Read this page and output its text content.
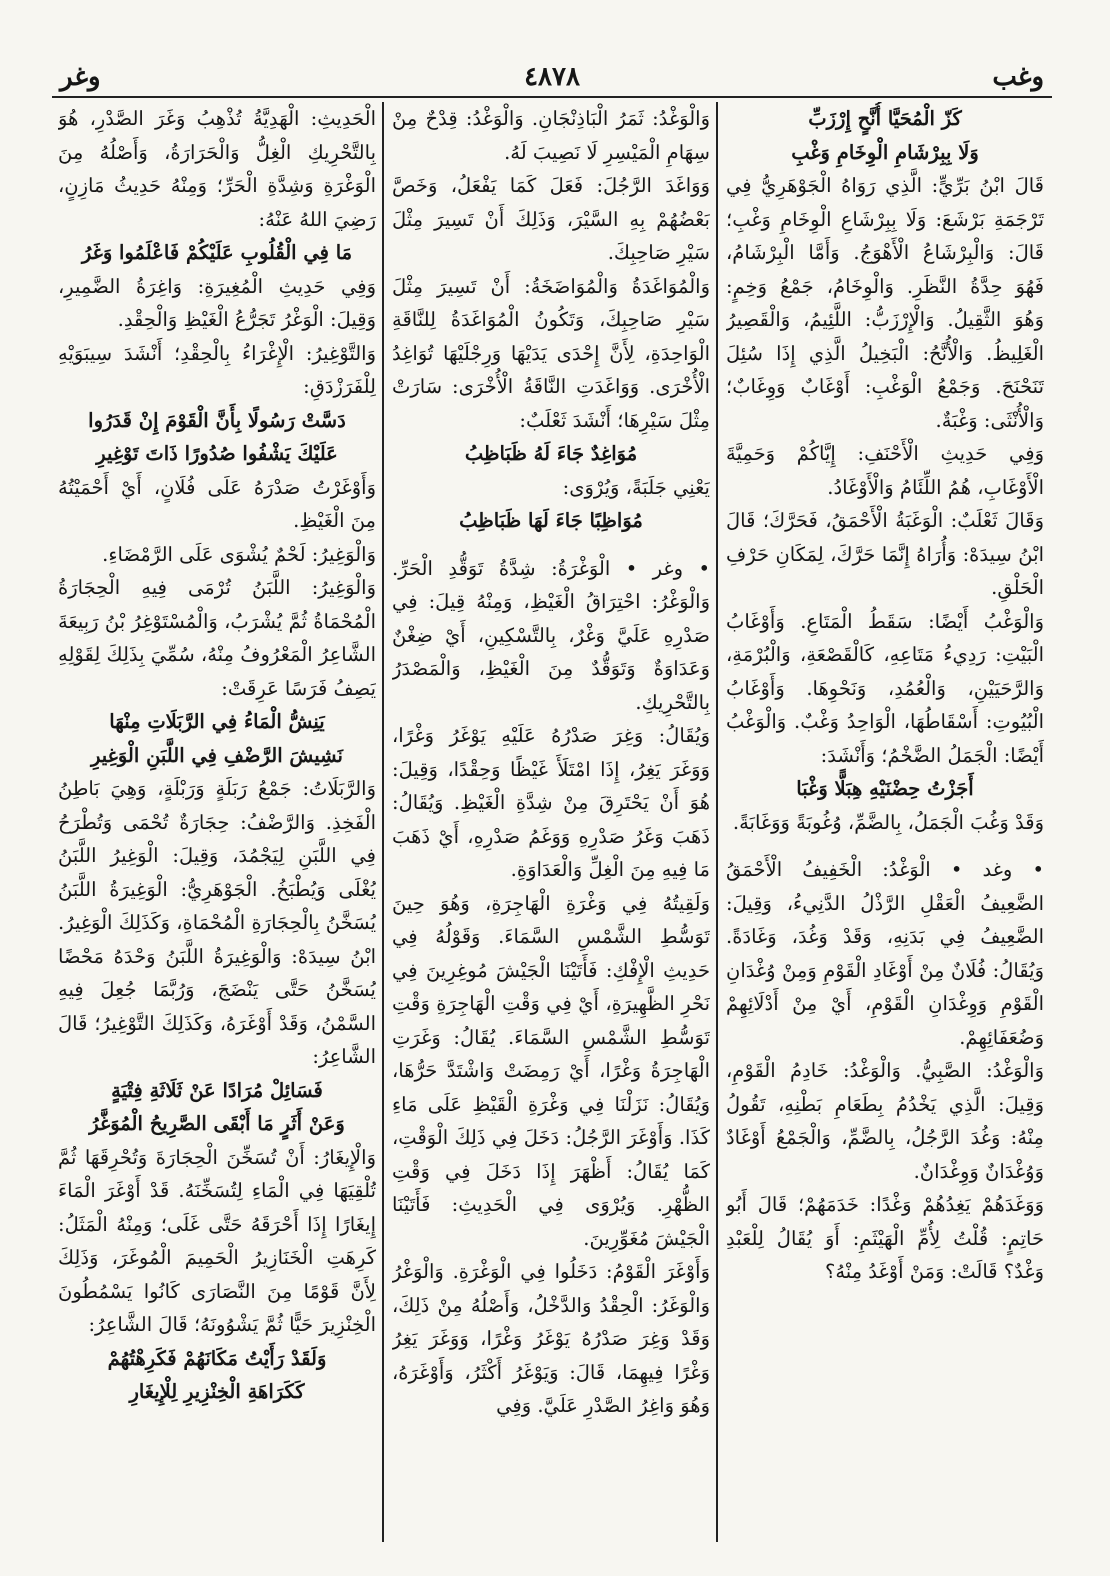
وغب
٤٨٧٨
وغر

كَزّ الْمُحَيَّا أُنَّحٍ إِرْزَبِّ

وَلَا بِبِرْشَامِ الْوِخَامِ وَغْبِ

قَالَ ابْنُ بَرِّيٍّ: الَّذِي رَوَاهُ الْجَوْهَرِيُّ فِي تَرْجَمَةِ بَرْشَعَ: وَلَا بِبِرْشَاعِ الْوِخَامِ وَغْبِ؛ قَالَ: وَالْبِرْشَاعُ الْأَهْوَجُ. وَأَمَّا الْبِرْشَامُ، فَهُوَ حِدَّةُ النَّظَرِ. وَالْوِخَامُ، جَمْعُ وَخِمٍ: وَهُوَ الثَّقِيلُ. وَالْإِرْزَبُّ: اللَّئِيمُ، وَالْقَصِيرُ الْغَلِيظُ. وَالْأُنَّحُ: الْبَخِيلُ الَّذِي إِذَا سُئِلَ تَنَحْنَحَ. وَجَمْعُ الْوَغْبِ: أَوْغَابٌ وَوِغَابٌ؛ وَالْأُنْثَى: وَغْبَةٌ.

وَفِي حَدِيثِ الْأَحْنَفِ: إِيَّاكُمْ وَحَمِيَّةَ الْأَوْغَابِ، هُمُ اللِّئَامُ وَالْأَوْغَادُ.

وَقَالَ ثَعْلَبٌ: الْوَغَبَةُ الْأَحْمَقُ، فَحَرَّكَ؛ قَالَ ابْنُ سِيدَهْ: وَأُرَاهُ إِنَّمَا حَرَّكَ، لِمَكَانِ حَرْفِ الْحَلْقِ.

وَالْوَغْبُ أَيْضًا: سَقَطُ الْمَتَاعِ. وَأَوْغَابُ الْبَيْتِ: رَدِيءُ مَتَاعِهِ، كَالْقَصْعَةِ، وَالْبُرْمَةِ، وَالرَّحَيَيْنِ، وَالْعُمُدِ، وَنَحْوِهَا. وَأَوْغَابُ الْبُيُوتِ: أَسْقَاطُهَا، الْوَاحِدُ وَغْبٌ. وَالْوَغْبُ أَيْضًا: الْجَمَلُ الضَّخْمُ؛ وَأَنْشَدَ:

أَجَزْتُ حِضْنَيْهِ هِبَلًّا وَغْبَا

وَقَدْ وَغُبَ الْجَمَلُ، بِالضَّمِّ، وُغُوبَةً وَوَغَابَةً.

• وغد • الْوَغْدُ: الْخَفِيفُ الْأَحْمَقُ الضَّعِيفُ الْعَقْلِ الرَّذْلُ الدَّنِيءُ، وَقِيلَ: الضَّعِيفُ فِي بَدَنِهِ، وَقَدْ وَغُدَ، وَغَادَةً. وَيُقَالُ: فُلَانٌ مِنْ أَوْغَادِ الْقَوْمِ وَمِنْ وُغْدَانِ الْقَوْمِ وَوِغْدَانِ الْقَوْمِ، أَيْ مِنْ أَدْلَائِهِمْ وَضُعَفَائِهِمْ.

وَالْوَغْدُ: الصَّبِيُّ. وَالْوَغْدُ: خَادِمُ الْقَوْمِ، وَقِيلَ: الَّذِي يَخْدُمُ بِطَعَامِ بَطْنِهِ، تَقُولُ مِنْهُ: وَغُدَ الرَّجُلُ، بِالضَّمِّ، وَالْجَمْعُ أَوْغَادٌ وَوُغْدَانٌ وَوِغْدَانٌ.

وَوَغَدَهُمْ يَغِدُهُمْ وَغْدًا: خَدَمَهُمْ؛ قَالَ أَبُو حَاتِمٍ: قُلْتُ لِأُمِّ الْهَيْثَمِ: أَوَ يُقَالُ لِلْعَبْدِ وَغْدٌ؟ قَالَتْ: وَمَنْ أَوْغَدُ مِنْهُ؟

وَالْوَغْدُ: ثَمَرُ الْبَاذِنْجَانِ. وَالْوَغْدُ: قِدْحٌ مِنْ سِهَامِ الْمَيْسِرِ لَا نَصِيبَ لَهُ.

وَوَاغَدَ الرَّجُلَ: فَعَلَ كَمَا يَفْعَلُ، وَخَصَّ بَعْضُهُمْ بِهِ السَّيْرَ، وَذَلِكَ أَنْ تَسِيرَ مِثْلَ سَيْرِ صَاحِبِكَ.

وَالْمُوَاغَدَةُ وَالْمُوَاضَخَةُ: أَنْ تَسِيرَ مِثْلَ سَيْرِ صَاحِبِكَ، وَتَكُونُ الْمُوَاغَدَةُ لِلنَّاقَةِ الْوَاحِدَةِ، لِأَنَّ إِحْدَى يَدَيْهَا وَرِجْلَيْهَا تُوَاغِدُ الْأُخْرَى. وَوَاغَدَتِ النَّاقَةُ الْأُخْرَى: سَارَتْ مِثْلَ سَيْرِهَا؛ أَنْشَدَ ثَعْلَبٌ:

مُوَاغِدٌ جَاءَ لَهُ ظَبَاظِبُ

يَعْنِي جَلَبَةً، وَيُرْوَى:

مُوَاظِبًا جَاءَ لَهَا ظَبَاظِبُ

• وغر • الْوَغْرَةُ: شِدَّةُ تَوَقُّدِ الْحَرِّ. وَالْوَغْرُ: احْتِرَاقُ الْغَيْظِ، وَمِنْهُ قِيلَ: فِي صَدْرِهِ عَلَيَّ وَغْرٌ، بِالتَّسْكِينِ، أَيْ ضِغْنٌ وَعَدَاوَةٌ وَتَوَقُّدٌ مِنَ الْغَيْظِ، وَالْمَصْدَرُ بِالتَّحْرِيكِ.

وَيُقَالُ: وَغِرَ صَدْرُهُ عَلَيْهِ يَوْغَرُ وَغْرًا، وَوَغَرَ يَغِرُ، إِذَا امْتَلَأَ غَيْظًا وَحِقْدًا، وَقِيلَ: هُوَ أَنْ يَحْتَرِقَ مِنْ شِدَّةِ الْغَيْظِ. وَيُقَالُ: ذَهَبَ وَغَرُ صَدْرِهِ وَوَغَمُ صَدْرِهِ، أَيْ ذَهَبَ مَا فِيهِ مِنَ الْغِلِّ وَالْعَدَاوَةِ.

وَلَقِيتُهُ فِي وَغْرَةِ الْهَاجِرَةِ، وَهُوَ حِينَ تَوَسُّطِ الشَّمْسِ السَّمَاءَ. وَقَوْلُهُ فِي حَدِيثِ الْإِفْكِ: فَأَتَيْنَا الْجَيْشَ مُوغِرِينَ فِي نَحْرِ الظَّهِيرَةِ، أَيْ فِي وَقْتِ الْهَاجِرَةِ وَقْتِ تَوَسُّطِ الشَّمْسِ السَّمَاءَ. يُقَالُ: وَغَرَتِ الْهَاجِرَةُ وَغْرًا، أَيْ رَمِضَتْ وَاشْتَدَّ حَرُّهَا، وَيُقَالُ: نَزَلْنَا فِي وَغْرَةِ الْقَيْظِ عَلَى مَاءِ كَذَا. وَأَوْغَرَ الرَّجُلُ: دَخَلَ فِي ذَلِكَ الْوَقْتِ، كَمَا يُقَالُ: أَظْهَرَ إِذَا دَخَلَ فِي وَقْتِ الظُّهْرِ. وَيُرْوَى فِي الْحَدِيثِ: فَأَتَيْنَا الْجَيْشَ مُغَوِّرِينَ.

وَأَوْغَرَ الْقَوْمُ: دَخَلُوا فِي الْوَغْرَةِ. وَالْوَغْرُ وَالْوَغَرُ: الْحِقْدُ وَالدَّخْلُ، وَأَصْلُهُ مِنْ ذَلِكَ، وَقَدْ وَغِرَ صَدْرُهُ يَوْغَرُ وَغْرًا، وَوَغَرَ يَغِرُ وَغْرًا فِيهِمَا، قَالَ: وَيَوْغَرُ أَكْثَرُ، وَأَوْغَرَهُ، وَهُوَ وَاغِرُ الصَّدْرِ عَلَيَّ. وَفِي

الْحَدِيثِ: الْهَدِيَّةُ تُذْهِبُ وَغَرَ الصَّدْرِ، هُوَ بِالتَّحْرِيكِ الْغِلُّ وَالْحَرَارَةُ، وَأَصْلُهُ مِنَ الْوَغْرَةِ وَشِدَّةِ الْحَرِّ؛ وَمِنْهُ حَدِيثُ مَازِنٍ، رَضِيَ اللهُ عَنْهُ:

مَا فِي الْقُلُوبِ عَلَيْكُمْ فَاعْلَمُوا وَغَرُ

وَفِي حَدِيثِ الْمُغِيرَةِ: وَاغِرَةُ الضَّمِيرِ، وَقِيلَ: الْوَغْرُ تَجَرُّعُ الْغَيْظِ وَالْحِقْدِ.

وَالتَّوْغِيرُ: الْإِغْرَاءُ بِالْحِقْدِ؛ أَنْشَدَ سِيبَوَيْهِ لِلْفَرَزْدَقِ:

دَسَّتْ رَسُولًا بِأَنَّ الْقَوْمَ إِنْ قَدَرُوا

عَلَيْكَ يَشْفُوا صُدُورًا ذَاتَ تَوْغِيرِ

وَأَوْغَرْتُ صَدْرَهُ عَلَى فُلَانٍ، أَيْ أَحْمَيْتُهُ مِنَ الْغَيْظِ.

وَالْوَغِيرُ: لَحْمٌ يُشْوَى عَلَى الرَّمْضَاءِ.

وَالْوَغِيرُ: اللَّبَنُ تُرْمَى فِيهِ الْحِجَارَةُ الْمُحْمَاةُ ثُمَّ يُشْرَبُ، وَالْمُسْتَوْغِرُ بْنُ رَبِيعَةَ الشَّاعِرُ الْمَعْرُوفُ مِنْهُ، سُمِّيَ بِذَلِكَ لِقَوْلِهِ يَصِفُ فَرَسًا عَرِقَتْ:

يَنِشُّ الْمَاءُ فِي الرَّبَلَاتِ مِنْهَا

نَشِيشَ الرَّضْفِ فِي اللَّبَنِ الْوَغِيرِ

وَالرَّبَلَاتُ: جَمْعُ رَبَلَةٍ وَرَبْلَةٍ، وَهِيَ بَاطِنُ الْفَخِذِ. وَالرَّضْفُ: حِجَارَةٌ تُحْمَى وَتُطْرَحُ فِي اللَّبَنِ لِيَجْمُدَ، وَقِيلَ: الْوَغِيرُ اللَّبَنُ يُغْلَى وَيُطْبَخُ. الْجَوْهَرِيُّ: الْوَغِيرَةُ اللَّبَنُ يُسَخَّنُ بِالْحِجَارَةِ الْمُحْمَاةِ، وَكَذَلِكَ الْوَغِيرُ. ابْنُ سِيدَهْ: وَالْوَغِيرَةُ اللَّبَنُ وَحْدَهُ مَحْضًا يُسَخَّنُ حَتَّى يَنْضَجَ، وَرُبَّمَا جُعِلَ فِيهِ السَّمْنُ، وَقَدْ أَوْغَرَهُ، وَكَذَلِكَ التَّوْغِيرُ؛ قَالَ الشَّاعِرُ:

فَسَائِلْ مُرَادًا عَنْ ثَلَاثَةِ فِتْيَةٍ

وَعَنْ أَثَرٍ مَا أَبْقَى الصَّرِيحُ الْمُوَغَّرُ

وَالْإِيغَارُ: أَنْ تُسَخِّنَ الْحِجَارَةَ وَتُحْرِقَهَا ثُمَّ تُلْقِيَهَا فِي الْمَاءِ لِتُسَخِّنَهُ. قَدْ أَوْغَرَ الْمَاءَ إِيغَارًا إِذَا أَحْرَقَهُ حَتَّى غَلَى؛ وَمِنْهُ الْمَثَلُ: كَرِهَتِ الْخَنَازِيرُ الْحَمِيمَ الْمُوغَرَ، وَذَلِكَ لِأَنَّ قَوْمًا مِنَ النَّصَارَى كَانُوا يَسْمُطُونَ الْخِنْزِيرَ حَيًّا ثُمَّ يَشْوُونَهُ؛ قَالَ الشَّاعِرُ:

وَلَقَدْ رَأَيْتُ مَكَانَهُمْ فَكَرِهْتُهُمْ

كَكَرَاهَةِ الْخِنْزِيرِ لِلْإِيغَارِ
